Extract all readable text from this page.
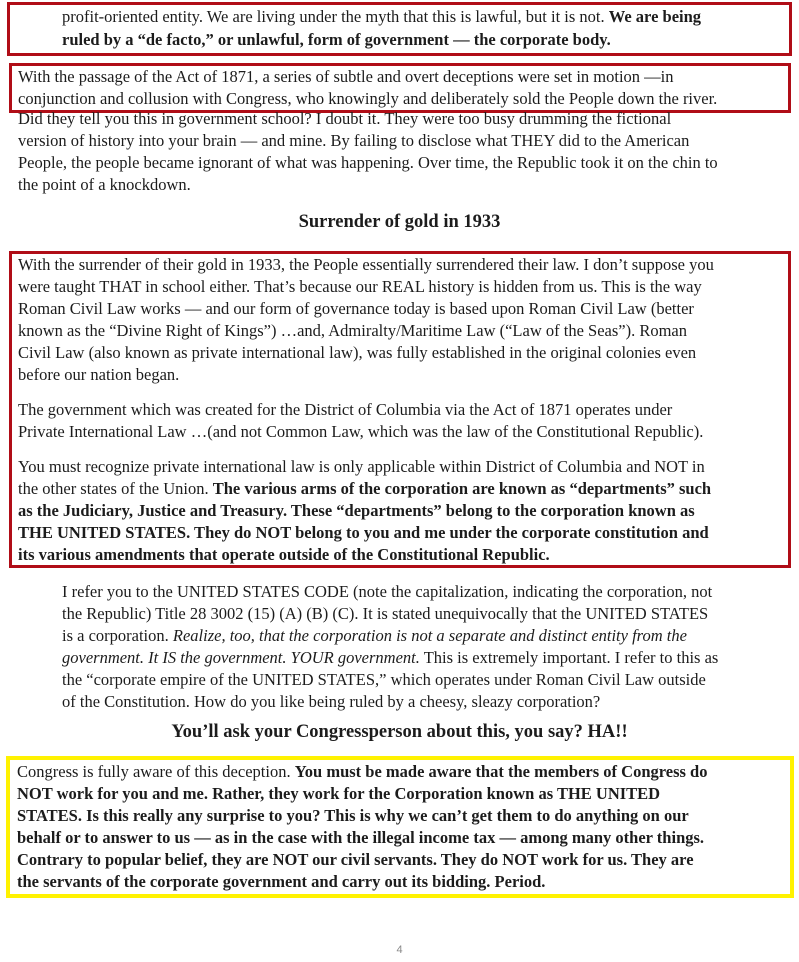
profit-oriented entity. We are living under the myth that this is lawful, but it is not. We are being

ruled by a “de facto,” or unlawful, form of government — the corporate body.

With the passage of the Act of 1871, a series of subtle and overt deceptions were set in motion —in

conjunction and collusion with Congress, who knowingly and deliberately sold the People down the river.

Did they tell you this in government school? I doubt it. They were too busy drumming the fictional

version of history into your brain — and mine. By failing to disclose what THEY did to the American

People, the people became ignorant of what was happening. Over time, the Republic took it on the chin to

the point of a knockdown.

Surrender of gold in 1933

With the surrender of their gold in 1933, the People essentially surrendered their law. I don’t suppose you

were taught THAT in school either. That’s because our REAL history is hidden from us. This is the way

Roman Civil Law works — and our form of governance today is based upon Roman Civil Law (better

known as the “Divine Right of Kings”) …and, Admiralty/Maritime Law (“Law of the Seas”). Roman

Civil Law (also known as private international law), was fully established in the original colonies even

before our nation began.

The government which was created for the District of Columbia via the Act of 1871 operates under

Private International Law …(and not Common Law, which was the law of the Constitutional Republic).

You must recognize private international law is only applicable within District of Columbia and NOT in

the other states of the Union. The various arms of the corporation are known as “departments” such

as the Judiciary, Justice and Treasury. These “departments” belong to the corporation known as

THE UNITED STATES. They do NOT belong to you and me under the corporate constitution and

its various amendments that operate outside of the Constitutional Republic.

I refer you to the UNITED STATES CODE (note the capitalization, indicating the corporation, not

the Republic) Title 28 3002 (15) (A) (B) (C). It is stated unequivocally that the UNITED STATES

is a corporation. Realize, too, that the corporation is not a separate and distinct entity from the

government. It IS the government. YOUR government. This is extremely important. I refer to this as

the “corporate empire of the UNITED STATES,” which operates under Roman Civil Law outside

of the Constitution. How do you like being ruled by a cheesy, sleazy corporation?

You’ll ask your Congressperson about this, you say? HA!!

Congress is fully aware of this deception. You must be made aware that the members of Congress do

NOT work for you and me. Rather, they work for the Corporation known as THE UNITED

STATES. Is this really any surprise to you? This is why we can’t get them to do anything on our

behalf or to answer to us — as in the case with the illegal income tax — among many other things.

Contrary to popular belief, they are NOT our civil servants. They do NOT work for us. They are

the servants of the corporate government and carry out its bidding. Period.

4
